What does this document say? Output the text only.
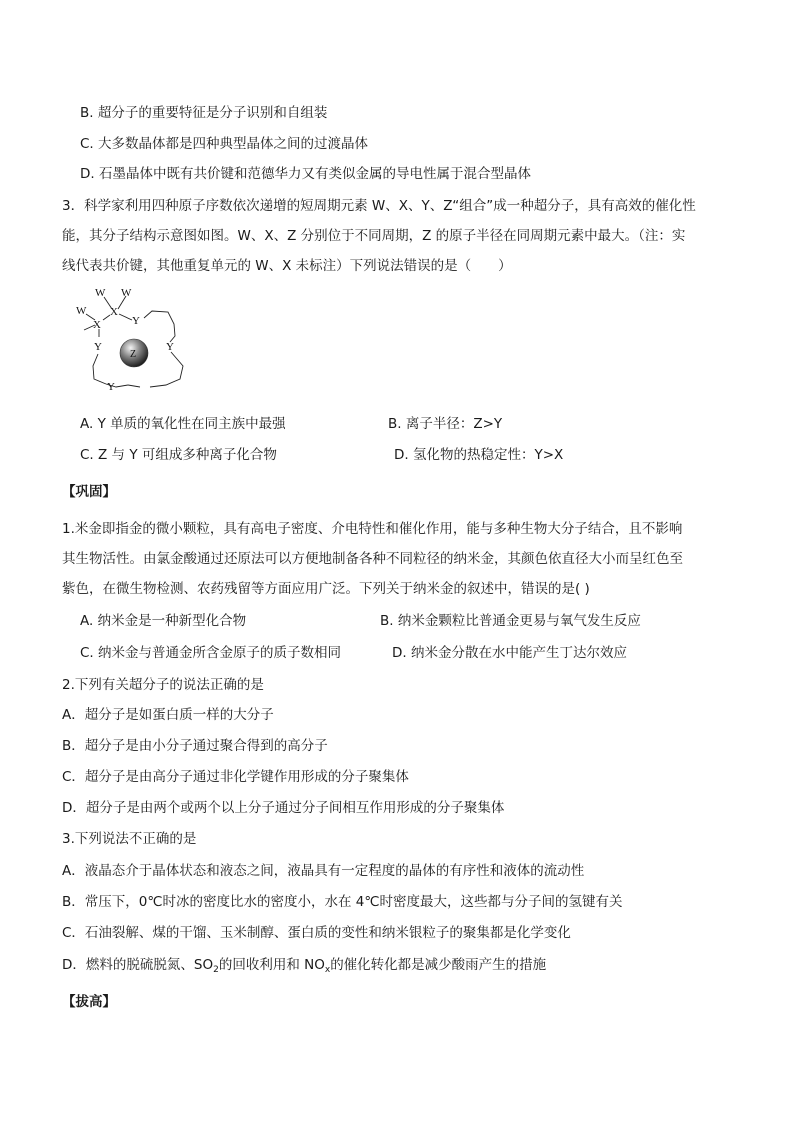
B. 超分子的重要特征是分子识别和自组装
C. 大多数晶体都是四种典型晶体之间的过渡晶体
D. 石墨晶体中既有共价键和范德华力又有类似金属的导电性属于混合型晶体
3．科学家利用四种原子序数依次递增的短周期元素 W、X、Y、Z“组合”成一种超分子，具有高效的催化性
能，其分子结构示意图如图。W、X、Z 分别位于不同周期，Z 的原子半径在同周期元素中最大。（注：实
线代表共价键，其他重复单元的 W、X 未标注）下列说法错误的是（　　）
W W
W X
X	Y
Y
Y
Y
Z
A. Y 单质的氧化性在同主族中最强	B. 离子半径：Z>Y
C. Z 与 Y 可组成多种离子化合物	D. 氢化物的热稳定性：Y>X
【巩固】
1.米金即指金的微小颗粒，具有高电子密度、介电特性和催化作用，能与多种生物大分子结合，且不影响
其生物活性。由氯金酸通过还原法可以方便地制备各种不同粒径的纳米金，其颜色依直径大小而呈红色至
紫色，在微生物检测、农药残留等方面应用广泛。下列关于纳米金的叙述中，错误的是( )
A. 纳米金是一种新型化合物	B. 纳米金颗粒比普通金更易与氧气发生反应
C. 纳米金与普通金所含金原子的质子数相同	D. 纳米金分散在水中能产生丁达尔效应
2.下列有关超分子的说法正确的是
A．超分子是如蛋白质一样的大分子
B．超分子是由小分子通过聚合得到的高分子
C．超分子是由高分子通过非化学键作用形成的分子聚集体
D．超分子是由两个或两个以上分子通过分子间相互作用形成的分子聚集体
3.下列说法不正确的是
A．液晶态介于晶体状态和液态之间，液晶具有一定程度的晶体的有序性和液体的流动性
B．常压下，0℃时冰的密度比水的密度小，水在 4℃时密度最大，这些都与分子间的氢键有关
C．石油裂解、煤的干馏、玉米制醇、蛋白质的变性和纳米银粒子的聚集都是化学变化
D．燃料的脱硫脱氮、$SO_2$的回收利用和 $NO_x$的催化转化都是减少酸雨产生的措施
【拔高】
